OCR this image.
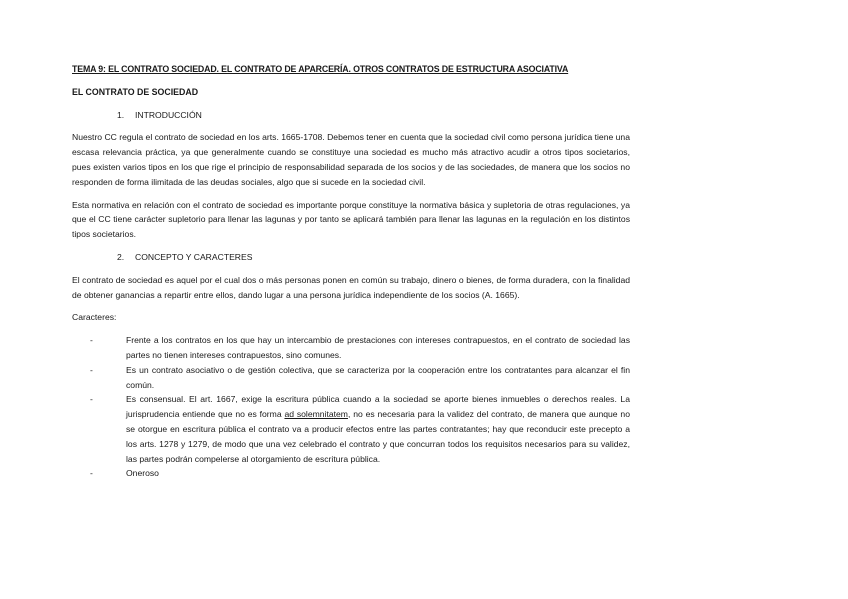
TEMA 9: EL CONTRATO SOCIEDAD. EL CONTRATO DE APARCERÍA. OTROS CONTRATOS DE ESTRUCTURA ASOCIATIVA
EL CONTRATO DE SOCIEDAD
1.	INTRODUCCIÓN

Nuestro CC regula el contrato de sociedad en los arts. 1665-1708. Debemos tener en cuenta que la sociedad civil como persona jurídica tiene una escasa relevancia práctica, ya que generalmente cuando se constituye una sociedad es mucho más atractivo acudir a otros tipos societarios, pues existen varios tipos en los que rige el principio de responsabilidad separada de los socios y de las sociedades, de manera que los socios no responden de forma ilimitada de las deudas sociales, algo que si sucede en la sociedad civil.

Esta normativa en relación con el contrato de sociedad es importante porque constituye la normativa básica y supletoria de otras regulaciones, ya que el CC tiene carácter supletorio para llenar las lagunas y por tanto se aplicará también para llenar las lagunas en la regulación en los distintos tipos societarios.

2.	CONCEPTO Y CARACTERES

El contrato de sociedad es aquel por el cual dos o más personas ponen en común su trabajo, dinero o bienes, de forma duradera, con la finalidad de obtener ganancias a repartir entre ellos, dando lugar a una persona jurídica independiente de los socios (A. 1665).

Caracteres:

-	Frente a los contratos en los que hay un intercambio de prestaciones con intereses contrapuestos, en el contrato de sociedad las partes no tienen intereses contrapuestos, sino comunes.
-	Es un contrato asociativo o de gestión colectiva, que se caracteriza por la cooperación entre los contratantes para alcanzar el fin común.
-	Es consensual. El art. 1667, exige la escritura pública cuando a la sociedad se aporte bienes inmuebles o derechos reales. La jurisprudencia entiende que no es forma ad solemnitatem, no es necesaria para la validez del contrato, de manera que aunque no se otorgue en escritura pública el contrato va a producir efectos entre las partes contratantes; hay que reconducir este precepto a los arts. 1278 y 1279, de modo que una vez celebrado el contrato y que concurran todos los requisitos necesarios para su validez, las partes podrán compelerse al otorgamiento de escritura pública.
-	Oneroso
